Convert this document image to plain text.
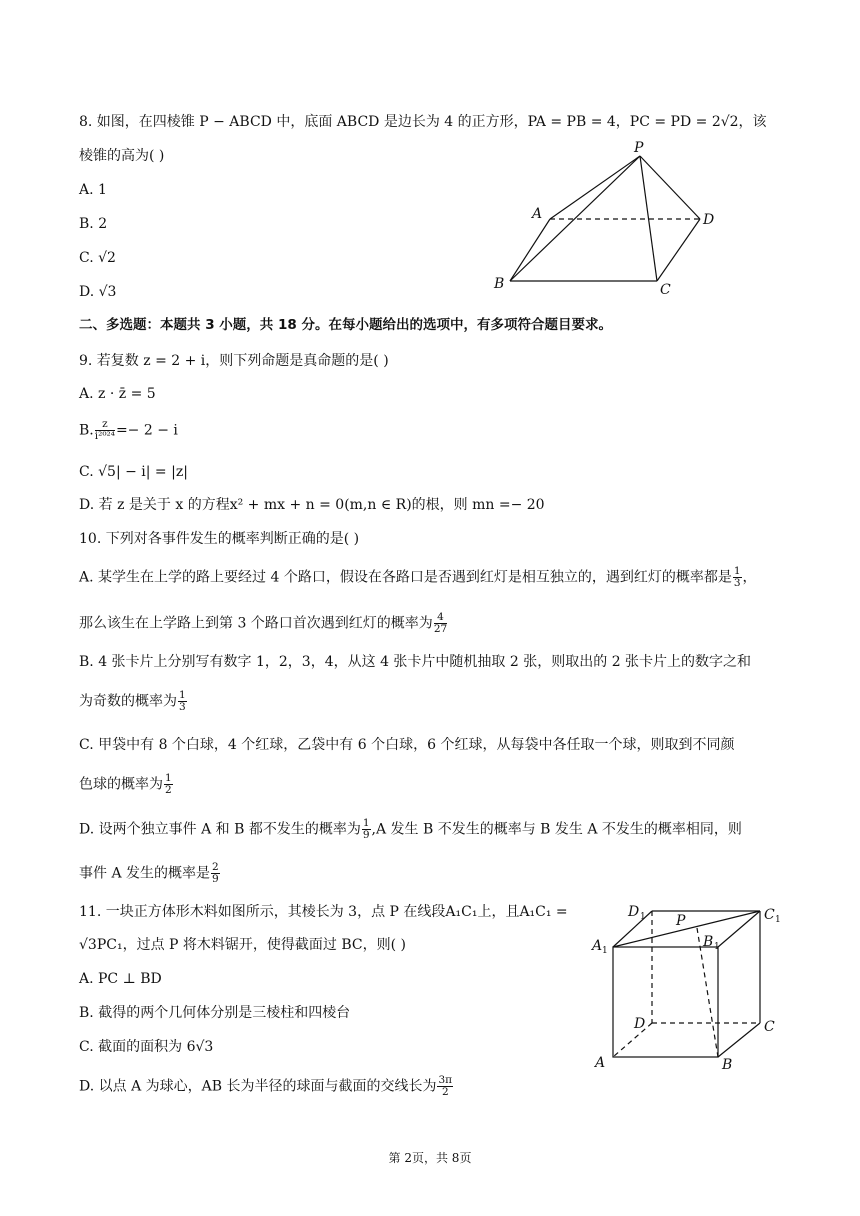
8. 如图，在四棱锥 P − ABCD 中，底面 ABCD 是边长为 4 的正方形，PA = PB = 4，PC = PD = 2√2，该
棱锥的高为( )
A. 1
B. 2
C. √2
D. √3
P
A
B	C
D
二、多选题：本题共 3 小题，共 18 分。在每小题给出的选项中，有多项符合题目要求。
9. 若复数 z = 2 + i，则下列命题是真命题的是( )
A. z · z̄ = 5
B. $\frac{z}{\text{i²⁰²⁴}} =- 2 - i$
C. √5| − i| = |z|
D. 若 z 是关于 x 的方程x² + mx + n = 0(m,n ∈ R)的根，则 mn =− 20
10. 下列对各事件发生的概率判断正确的是( )
A. 某学生在上学的路上要经过 4 个路口，假设在各路口是否遇到红灯是相互独立的，遇到红灯的概率都是 $\frac{1}{3}$ ，
那么该生在上学路上到第 3 个路口首次遇到红灯的概率为 $\frac{4}{27}$
B. 4 张卡片上分别写有数字 1，2，3，4，从这 4 张卡片中随机抽取 2 张，则取出的 2 张卡片上的数字之和
为奇数的概率为 $\frac{1}{3}$
C. 甲袋中有 8 个白球，4 个红球，乙袋中有 6 个白球，6 个红球，从每袋中各任取一个球，则取到不同颜
色球的概率为 $\frac{1}{2}$
D. 设两个独立事件 A 和 B 都不发生的概率为 $\frac{1}{9} ,A$ 发生 B 不发生的概率与 B 发生 A 不发生的概率相同，则
事件 A 发生的概率是 $\frac{2}{9}$
11. 一块正方体形木料如图所示，其棱长为 3，点 P 在线段A₁C₁上，且A₁C₁ =
√3PC₁，过点 P 将木料锯开，使得截面过 BC，则( )
A. PC ⊥ BD
B. 截得的两个几何体分别是三棱柱和四棱台
C. 截面的面积为 6√3
D. 以点 A 为球心，AB 长为半径的球面与截面的交线长为 $\frac{3\pi}{2}$
D 1	C 1
A 1
B 1
P
D	C
A	B
第 2页，共 8页
